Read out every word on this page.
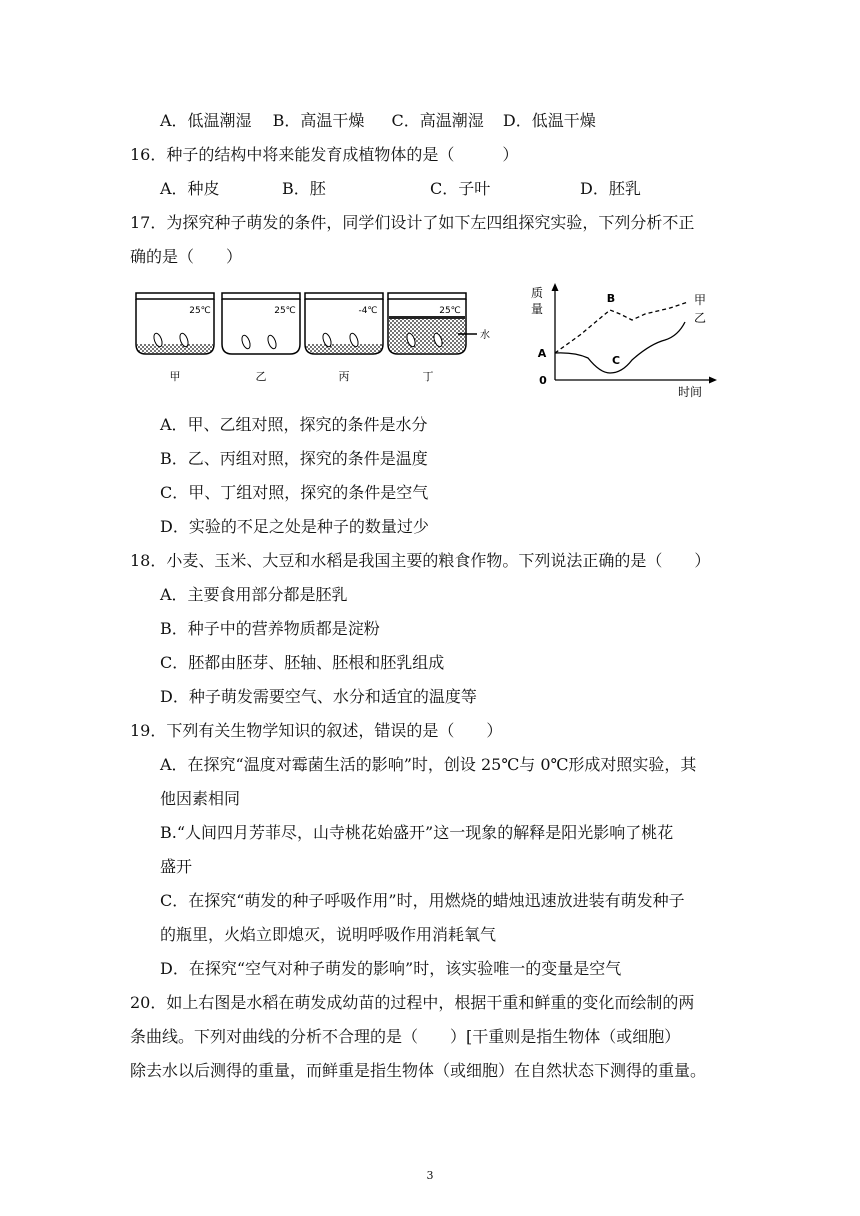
A．低温潮湿 B．高温干燥 C．高温潮湿 D．低温干燥
16．种子的结构中将来能发育成植物体的是（　　　）
A．种皮	B．胚	C．子叶	D．胚乳
17．为探究种子萌发的条件，同学们设计了如下左四组探究实验，下列分析不正
确的是（　　）
25℃
甲
25℃
乙
-4℃
丙
25℃
水
丁
质
量
时间
0
A
B
C
甲
乙
A．甲、乙组对照，探究的条件是水分
B．乙、丙组对照，探究的条件是温度
C．甲、丁组对照，探究的条件是空气
D．实验的不足之处是种子的数量过少
18．小麦、玉米、大豆和水稻是我国主要的粮食作物。下列说法正确的是（　　）
A．主要食用部分都是胚乳
B．种子中的营养物质都是淀粉
C．胚都由胚芽、胚轴、胚根和胚乳组成
D．种子萌发需要空气、水分和适宜的温度等
19．下列有关生物学知识的叙述，错误的是（　　）
A．在探究“温度对霉菌生活的影响”时，创设 25℃与 0℃形成对照实验，其
他因素相同
B.“人间四月芳菲尽，山寺桃花始盛开”这一现象的解释是阳光影响了桃花
盛开
C．在探究“萌发的种子呼吸作用”时，用燃烧的蜡烛迅速放进装有萌发种子
的瓶里，火焰立即熄灭，说明呼吸作用消耗氧气
D．在探究“空气对种子萌发的影响”时，该实验唯一的变量是空气
20．如上右图是水稻在萌发成幼苗的过程中，根据干重和鲜重的变化而绘制的两
条曲线。下列对曲线的分析不合理的是（　　）[干重则是指生物体（或细胞）
除去水以后测得的重量，而鲜重是指生物体（或细胞）在自然状态下测得的重量。
3
